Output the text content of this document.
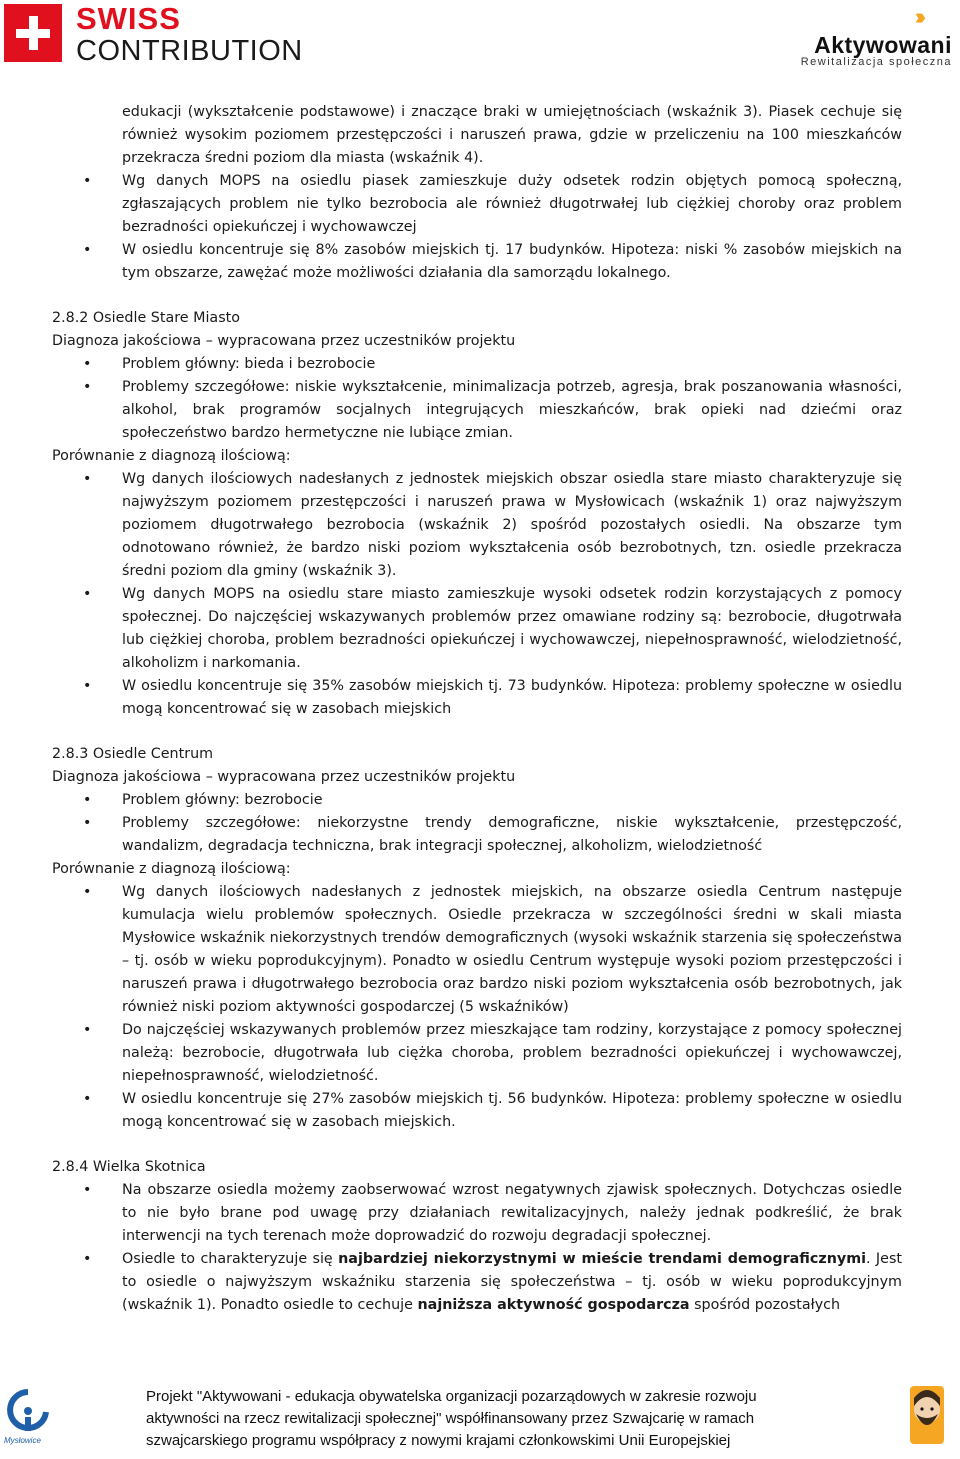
SWISS
CONTRIBUTION
››››
Aktywowani
Rewitalizacja społeczna

edukacji (wykształcenie podstawowe) i znaczące braki w umiejętnościach (wskaźnik 3). Piasek cechuje się również wysokim poziomem przestępczości i naruszeń prawa, gdzie w przeliczeniu na 100 mieszkańców przekracza średni poziom dla miasta (wskaźnik 4).

• Wg danych MOPS na osiedlu piasek zamieszkuje duży odsetek rodzin objętych pomocą społeczną, zgłaszających problem nie tylko bezrobocia ale również długotrwałej lub ciężkiej choroby oraz problem bezradności opiekuńczej i wychowawczej

• W osiedlu koncentruje się 8% zasobów miejskich tj. 17 budynków. Hipoteza: niski % zasobów miejskich na tym obszarze, zawężać może możliwości działania dla samorządu lokalnego.

2.8.2 Osiedle Stare Miasto

Diagnoza jakościowa – wypracowana przez uczestników projektu

• Problem główny: bieda i bezrobocie

• Problemy szczegółowe: niskie wykształcenie, minimalizacja potrzeb, agresja, brak poszanowania własności, alkohol, brak programów socjalnych integrujących mieszkańców, brak opieki nad dziećmi oraz społeczeństwo bardzo hermetyczne nie lubiące zmian.

Porównanie z diagnozą ilościową:

• Wg danych ilościowych nadesłanych z jednostek miejskich obszar osiedla stare miasto charakteryzuje się najwyższym poziomem przestępczości i naruszeń prawa w Mysłowicach (wskaźnik 1) oraz najwyższym poziomem długotrwałego bezrobocia (wskaźnik 2) spośród pozostałych osiedli. Na obszarze tym odnotowano również, że bardzo niski poziom wykształcenia osób bezrobotnych, tzn. osiedle przekracza średni poziom dla gminy (wskaźnik 3).

• Wg danych MOPS na osiedlu stare miasto zamieszkuje wysoki odsetek rodzin korzystających z pomocy społecznej. Do najczęściej wskazywanych problemów przez omawiane rodziny są: bezrobocie, długotrwała lub ciężkiej choroba, problem bezradności opiekuńczej i wychowawczej, niepełnosprawność, wielodzietność, alkoholizm i narkomania.

• W osiedlu koncentruje się 35% zasobów miejskich tj. 73 budynków. Hipoteza: problemy społeczne w osiedlu mogą koncentrować się w zasobach miejskich

2.8.3 Osiedle Centrum

Diagnoza jakościowa – wypracowana przez uczestników projektu

• Problem główny: bezrobocie

• Problemy szczegółowe: niekorzystne trendy demograficzne, niskie wykształcenie, przestępczość, wandalizm, degradacja techniczna, brak integracji społecznej, alkoholizm, wielodzietność

Porównanie z diagnozą ilościową:

• Wg danych ilościowych nadesłanych z jednostek miejskich, na obszarze osiedla Centrum następuje kumulacja wielu problemów społecznych. Osiedle przekracza w szczególności średni w skali miasta Mysłowice wskaźnik niekorzystnych trendów demograficznych (wysoki wskaźnik starzenia się społeczeństwa – tj. osób w wieku poprodukcyjnym). Ponadto w osiedlu Centrum występuje wysoki poziom przestępczości i naruszeń prawa i długotrwałego bezrobocia oraz bardzo niski poziom wykształcenia osób bezrobotnych, jak również niski poziom aktywności gospodarczej (5 wskaźników)

• Do najczęściej wskazywanych problemów przez mieszkające tam rodziny, korzystające z pomocy społecznej należą: bezrobocie, długotrwała lub ciężka choroba, problem bezradności opiekuńczej i wychowawczej, niepełnosprawność, wielodzietność.

• W osiedlu koncentruje się 27% zasobów miejskich tj. 56 budynków. Hipoteza: problemy społeczne w osiedlu mogą koncentrować się w zasobach miejskich.

2.8.4 Wielka Skotnica

• Na obszarze osiedla możemy zaobserwować wzrost negatywnych zjawisk społecznych. Dotychczas osiedle to nie było brane pod uwagę przy działaniach rewitalizacyjnych, należy jednak podkreślić, że brak interwencji na tych terenach może doprowadzić do rozwoju degradacji społecznej.

• Osiedle to charakteryzuje się najbardziej niekorzystnymi w mieście trendami demograficznymi. Jest to osiedle o najwyższym wskaźniku starzenia się społeczeństwa – tj. osób w wieku poprodukcyjnym (wskaźnik 1). Ponadto osiedle to cechuje najniższa aktywność gospodarcza spośród pozostałych

Mysłowice
Projekt "Aktywowani - edukacja obywatelska organizacji pozarządowych w zakresie rozwoju
aktywności na rzecz rewitalizacji społecznej" współfinansowany przez Szwajcarię w ramach
szwajcarskiego programu współpracy z nowymi krajami członkowskimi Unii Europejskiej
